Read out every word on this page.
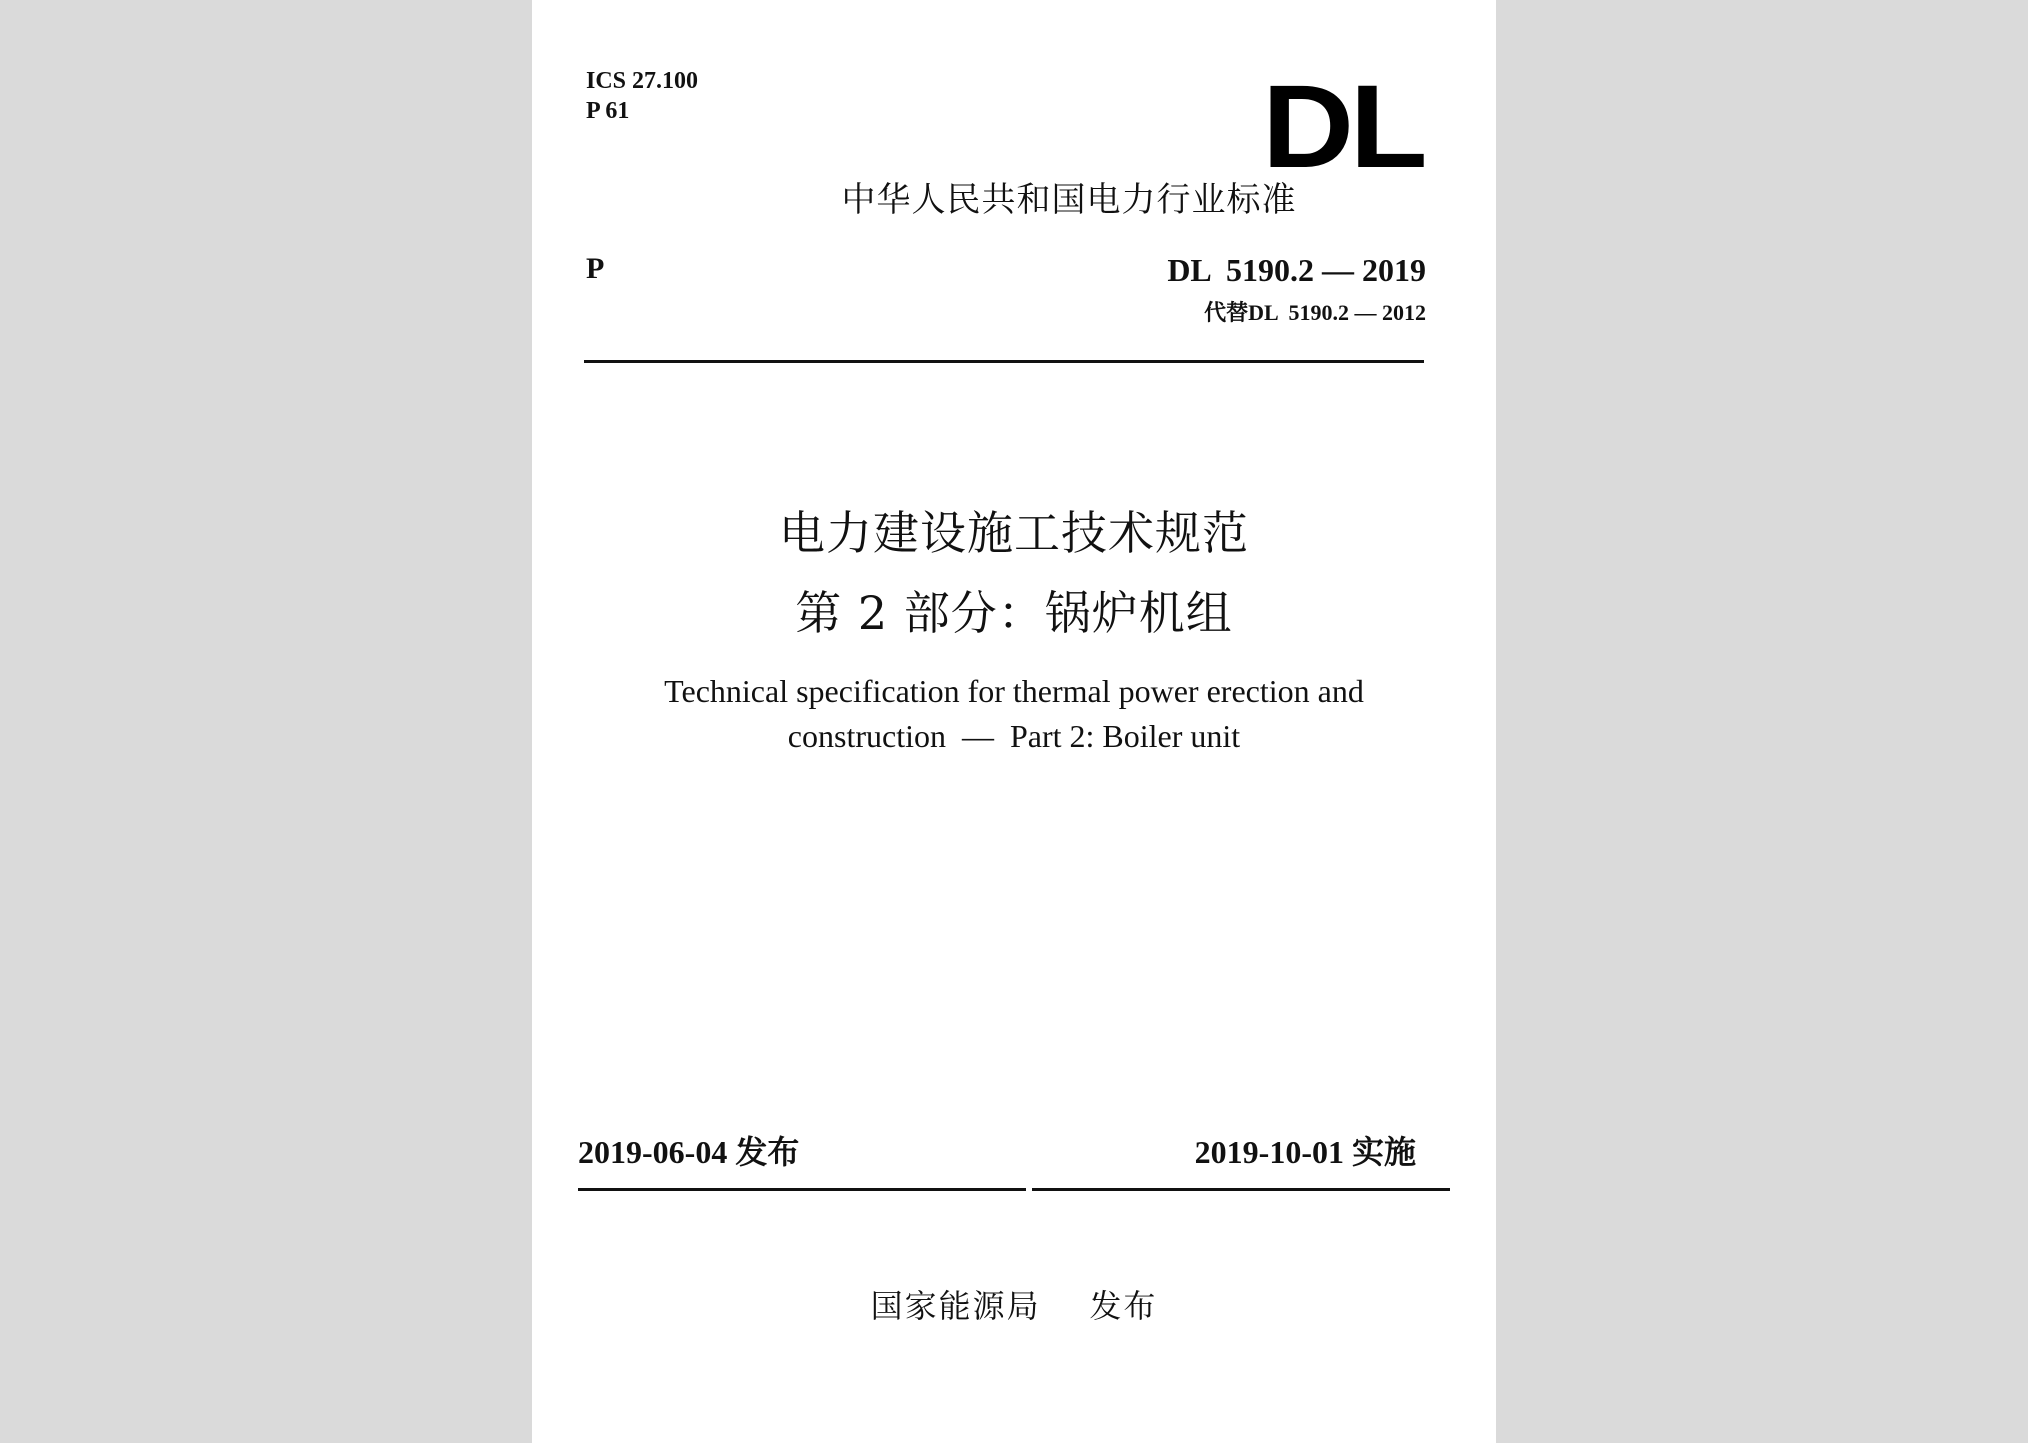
ICS 27.100
P 61	DL
中华人民共和国电力行业标准
P	DL  5190.2 — 2019
代替DL  5190.2 — 2012
电力建设施工技术规范
第 2 部分：锅炉机组
Technical specification for thermal power erection and
construction  —  Part 2: Boiler unit
2019-06-04 发布	2019-10-01 实施
国家能源局 发布
